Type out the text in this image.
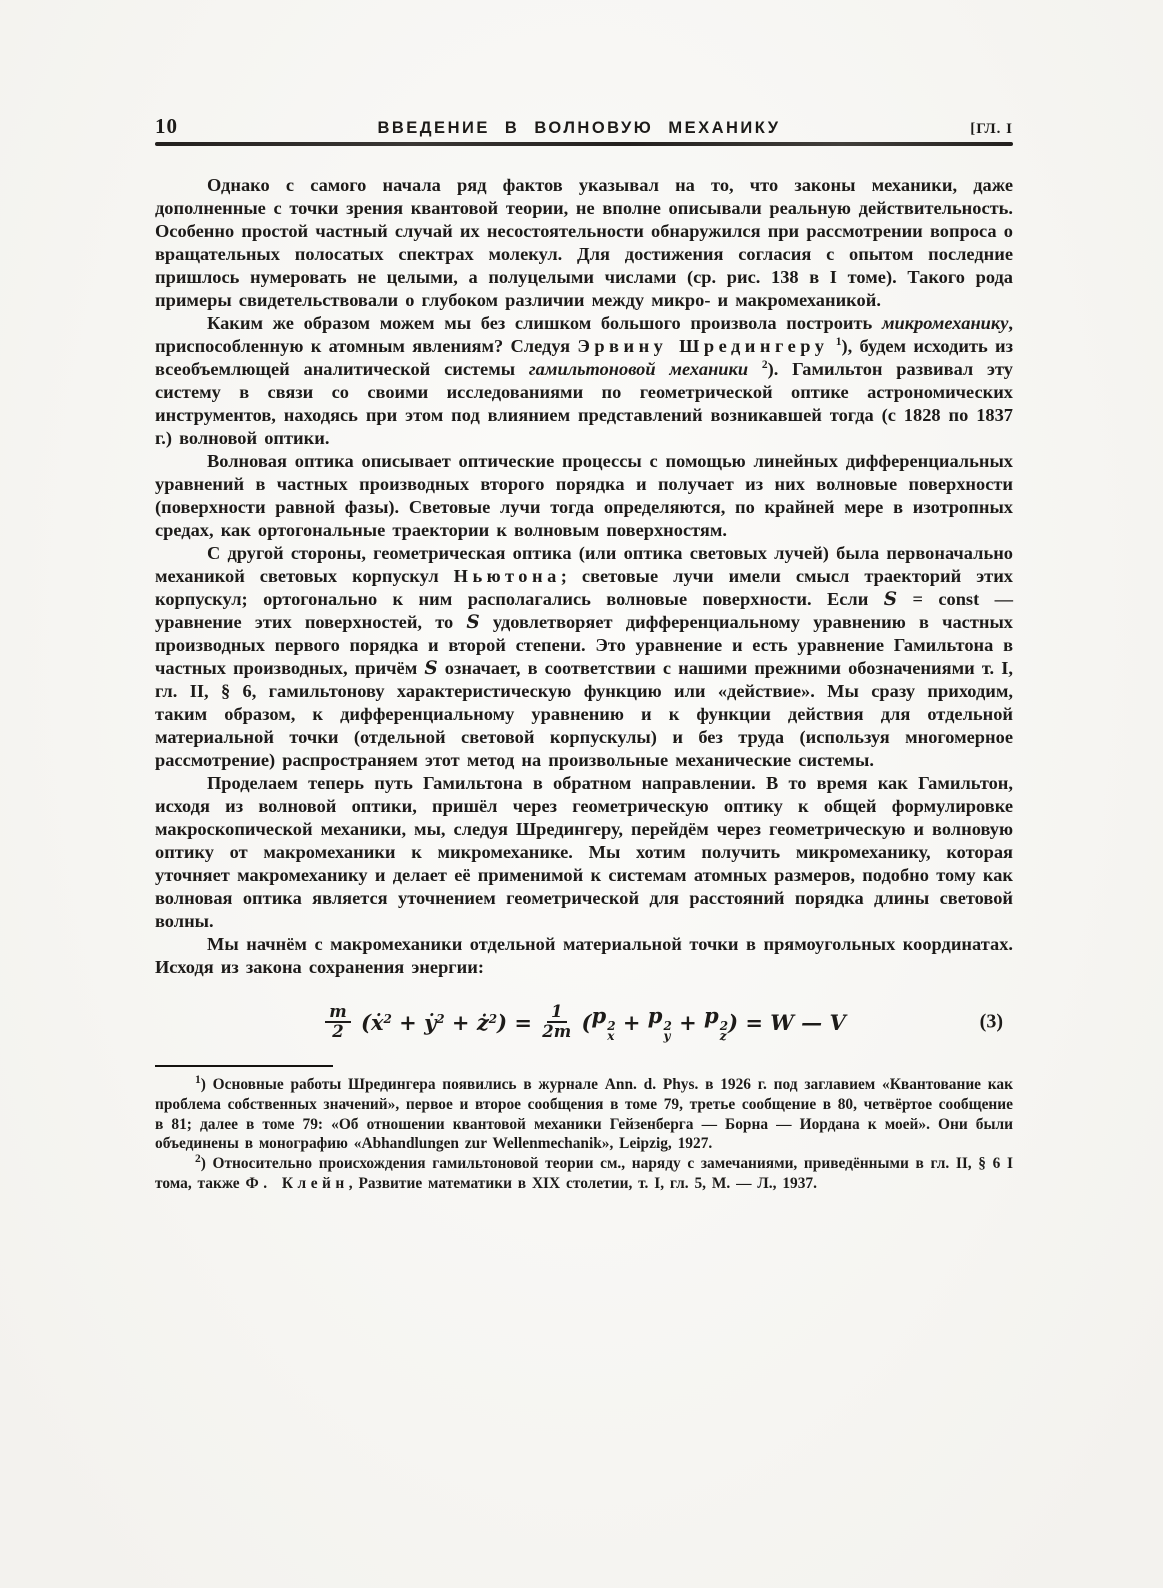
10	ВВЕДЕНИЕ В ВОЛНОВУЮ МЕХАНИКУ	[ГЛ. I

Однако с самого начала ряд фактов указывал на то, что законы механики, даже дополненные с точки зрения квантовой теории, не вполне описывали реальную действительность. Особенно простой частный случай их несостоятельности обнаружился при рассмотрении вопроса о вращательных полосатых спектрах молекул. Для достижения согласия с опытом последние пришлось нумеровать не целыми, а полуцелыми числами (ср. рис. 138 в I томе). Такого рода примеры свидетельствовали о глубоком различии между микро- и макромеханикой.

Каким же образом можем мы без слишком большого произвола построить микромеханику, приспособленную к атомным явлениям? Следуя Эрвину Шредингеру $^1$), будем исходить из всеобъемлющей аналитической системы гамильтоновой механики $^2$). Гамильтон развивал эту систему в связи со своими исследованиями по геометрической оптике астрономических инструментов, находясь при этом под влиянием представлений возникавшей тогда (с 1828 по 1837 г.) волновой оптики.

Волновая оптика описывает оптические процессы с помощью линейных дифференциальных уравнений в частных производных второго порядка и получает из них волновые поверхности (поверхности равной фазы). Световые лучи тогда определяются, по крайней мере в изотропных средах, как ортогональные траектории к волновым поверхностям.

С другой стороны, геометрическая оптика (или оптика световых лучей) была первоначально механикой световых корпускул Ньютона; световые лучи имели смысл траекторий этих корпускул; ортогонально к ним располагались волновые поверхности. Если S = const — уравнение этих поверхностей, то S удовлетворяет дифференциальному уравнению в частных производных первого порядка и второй степени. Это уравнение и есть уравнение Гамильтона в частных производных, причём S означает, в соответствии с нашими прежними обозначениями т. I, гл. II, § 6, гамильтонову характеристическую функцию или «действие». Мы сразу приходим, таким образом, к дифференциальному уравнению и к функции действия для отдельной материальной точки (отдельной световой корпускулы) и без труда (используя многомерное рассмотрение) распространяем этот метод на произвольные механические системы.

Проделаем теперь путь Гамильтона в обратном направлении. В то время как Гамильтон, исходя из волновой оптики, пришёл через геометрическую оптику к общей формулировке макроскопической механики, мы, следуя Шредингеру, перейдём через геометрическую и волновую оптику от макромеханики к микромеханике. Мы хотим получить микромеханику, которая уточняет макромеханику и делает её применимой к системам атомных размеров, подобно тому как волновая оптика является уточнением геометрической для расстояний порядка длины световой волны.

Мы начнём с макромеханики отдельной материальной точки в прямоугольных координатах. Исходя из закона сохранения энергии:

$\frac{m}{2}$ ( ẋ$^2$ + ẏ$^2$ + $ż^2$ ) = $\frac{1}{2m}$ ( p 2
x
+ p 2
y
+ p 2
z
) = W — V	(3)

$^1$) Основные работы Шредингера появились в журнале Ann. d. Phys. в 1926 г. под заглавием «Квантование как проблема собственных значений», первое и второе сообщения в томе 79, третье сообщение в 80, четвёртое сообщение в 81; далее в томе 79: «Об отношении квантовой механики Гейзенберга — Борна — Иордана к моей». Они были объединены в монографию «Abhandlungen zur Wellenmechanik», Leipzig, 1927.

$^2$) Относительно происхождения гамильтоновой теории см., наряду с замечаниями, приведёнными в гл. II, § 6 I тома, также Ф. Клейн, Развитие математики в XIX столетии, т. I, гл. 5, М. — Л., 1937.
